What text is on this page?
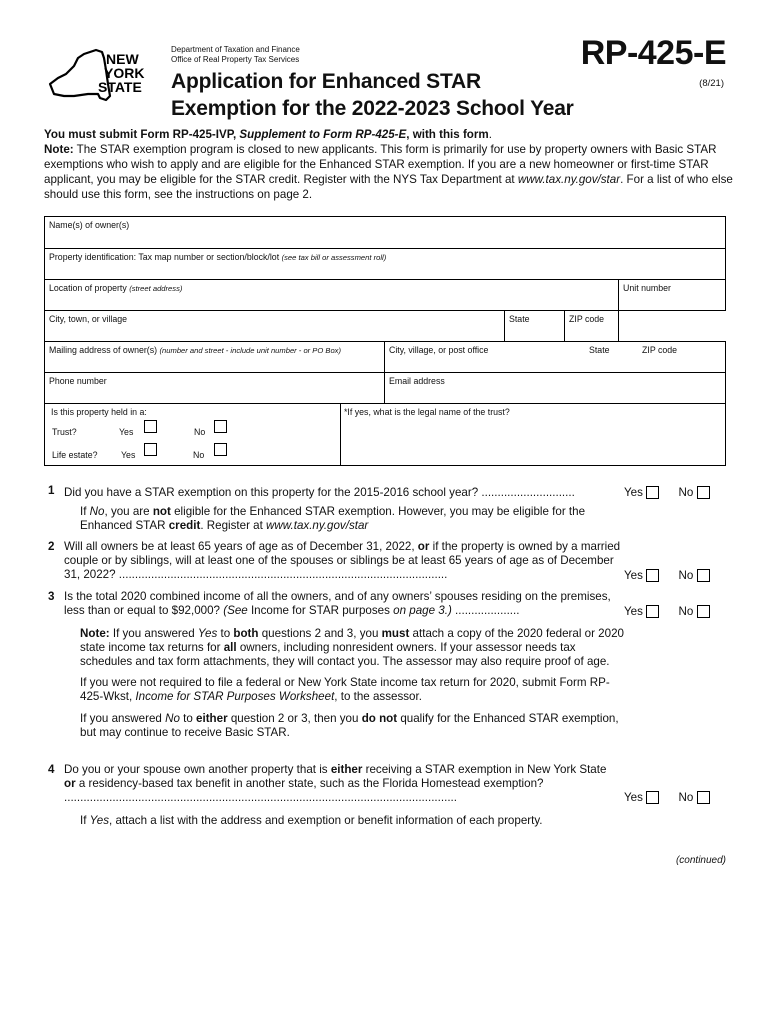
NEW
YORK
STATE
Department of Taxation and Finance
Office of Real Property Tax Services
Application for Enhanced STAR
Exemption for the 2022-2023 School Year
RP-425-E
(8/21)

You must submit Form RP-425-IVP, Supplement to Form RP-425-E, with this form.

Note: The STAR exemption program is closed to new applicants. This form is primarily for use by property owners with Basic STAR exemptions who wish to apply and are eligible for the Enhanced STAR exemption. If you are a new homeowner or first-time STAR applicant, you may be eligible for the STAR credit. Register with the NYS Tax Department at www.tax.ny.gov/star. For a list of who else should use this form, see the instructions on page 2.

Name(s) of owner(s)
Property identification: Tax map number or section/block/lot (see tax bill or assessment roll)
Location of property (street address)	Unit number
City, town, or village	State	ZIP code
Mailing address of owner(s) (number and street - include unit number - or PO Box)	City, village, or post office	State	ZIP code
Phone number	Email address
Is this property held in a:
Trust?	Yes	No
Life estate?	Yes	No
*If yes, what is the legal name of the trust?
1 Did you have a STAR exemption on this property for the 2015-2016 school year? .............................	Yes	No
If No, you are not eligible for the Enhanced STAR exemption. However, you may be eligible for the Enhanced STAR credit. Register at www.tax.ny.gov/star
2 Will all owners be at least 65 years of age as of December 31, 2022, or if the property is owned by a married couple or by siblings, will at least one of the spouses or siblings be at least 65 years of age as of December 31, 2022? ......................................................................................................	Yes	No
3 Is the total 2020 combined income of all the owners, and of any owners’ spouses residing on the premises, less than or equal to $92,000? (See Income for STAR purposes on page 3.) ....................	Yes	No

Note: If you answered Yes to both questions 2 and 3, you must attach a copy of the 2020 federal or 2020 state income tax returns for all owners, including nonresident owners. If your assessor needs tax schedules and tax form attachments, they will contact you. The assessor may also require proof of age.

If you were not required to file a federal or New York State income tax return for 2020, submit Form RP-425-Wkst, Income for STAR Purposes Worksheet, to the assessor.

If you answered No to either question 2 or 3, then you do not qualify for the Enhanced STAR exemption, but may continue to receive Basic STAR.

4 Do you or your spouse own another property that is either receiving a STAR exemption in New York State or a residency-based tax benefit in another state, such as the Florida Homestead exemption? ..........................................................................................................................	Yes	No
If Yes, attach a list with the address and exemption or benefit information of each property.
(continued)
